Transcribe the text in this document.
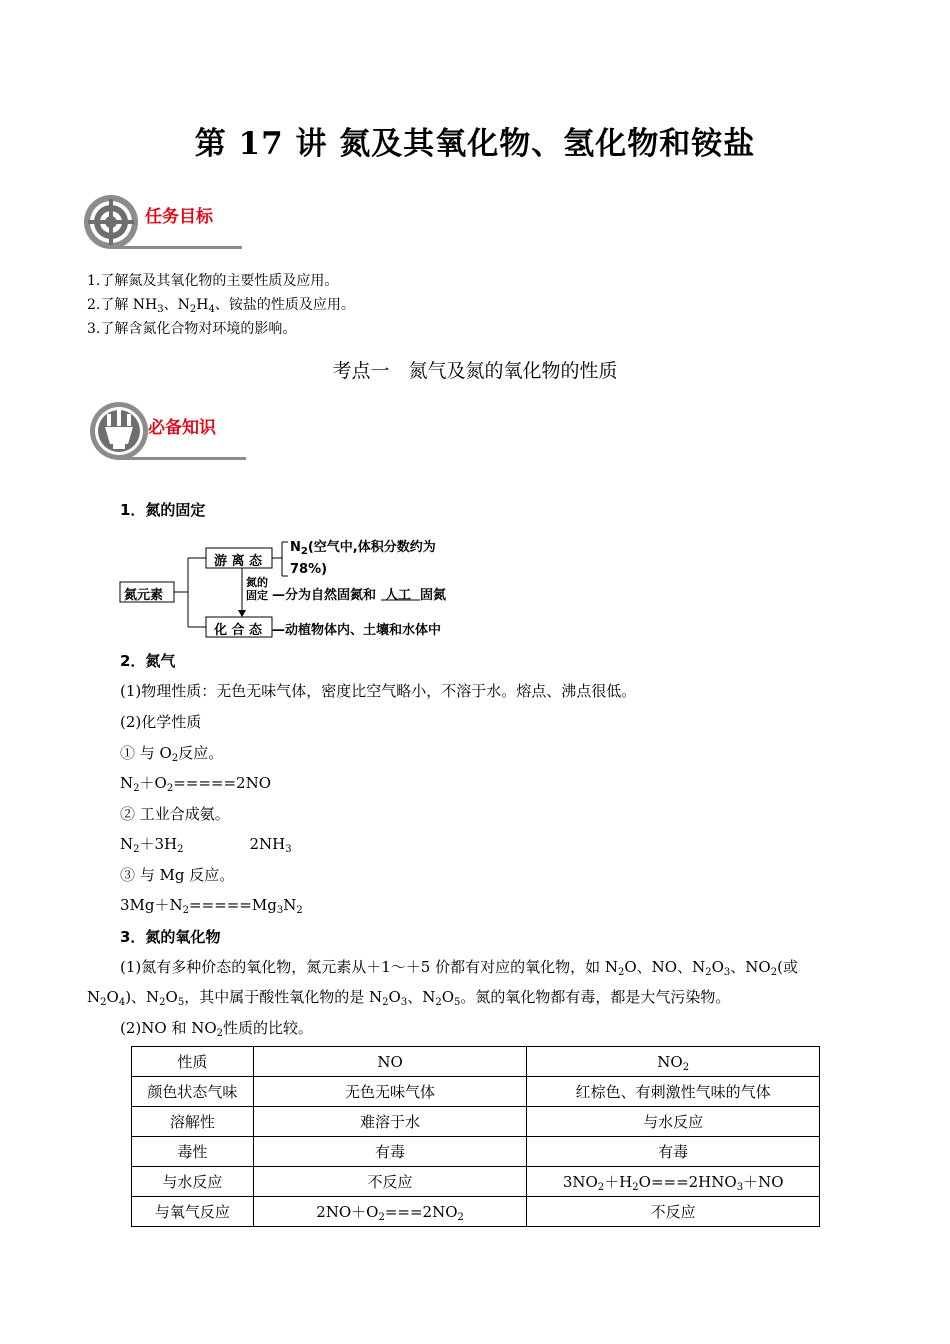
第 17 讲 氮及其氧化物、氢化物和铵盐
任务目标
1.了解氮及其氧化物的主要性质及应用。
2.了解 $NH_3$、$N_2H_4$、铵盐的性质及应用。
3.了解含氮化合物对环境的影响。
考点一　氮气及氮的氧化物的性质
必备知识
1．氮的固定
氮元素
游 离 态
化 合 态
$N_2$(空气中,体积分数约为
78%)
氮的
固定 —分为自然固氮和 人工 固氮
—动植物体内、土壤和水体中
2．氮气
(1)物理性质：无色无味气体，密度比空气略小，不溶于水。熔点、沸点很低。
(2)化学性质
① 与 $O_2$反应。
$N_2+O_2=====2NO$
② 工业合成氨。
$N_2+3H_2$	$2NH_3$
③ 与 Mg 反应。
$3Mg+N_2=====Mg_3N_2$
3．氮的氧化物
(1)氮有多种价态的氧化物，氮元素从＋1～＋5 价都有对应的氧化物，如 $N_2O$、NO、$N_2O_3$、$NO_2$(或
$N_2O_4$)、$N_2O_5$，其中属于酸性氧化物的是 $N_2O_3$、$N_2O_5$。氮的氧化物都有毒，都是大气污染物。
(2)NO 和 $NO_2$性质的比较。
性质	NO	$NO_2$
颜色状态气味	无色无味气体	红棕色、有刺激性气味的气体
溶解性	难溶于水	与水反应
毒性	有毒	有毒
与水反应	不反应	$3NO_2+H_2O===2HNO_3+NO$
与氧气反应	$2NO+O_2===2NO_2$	不反应
